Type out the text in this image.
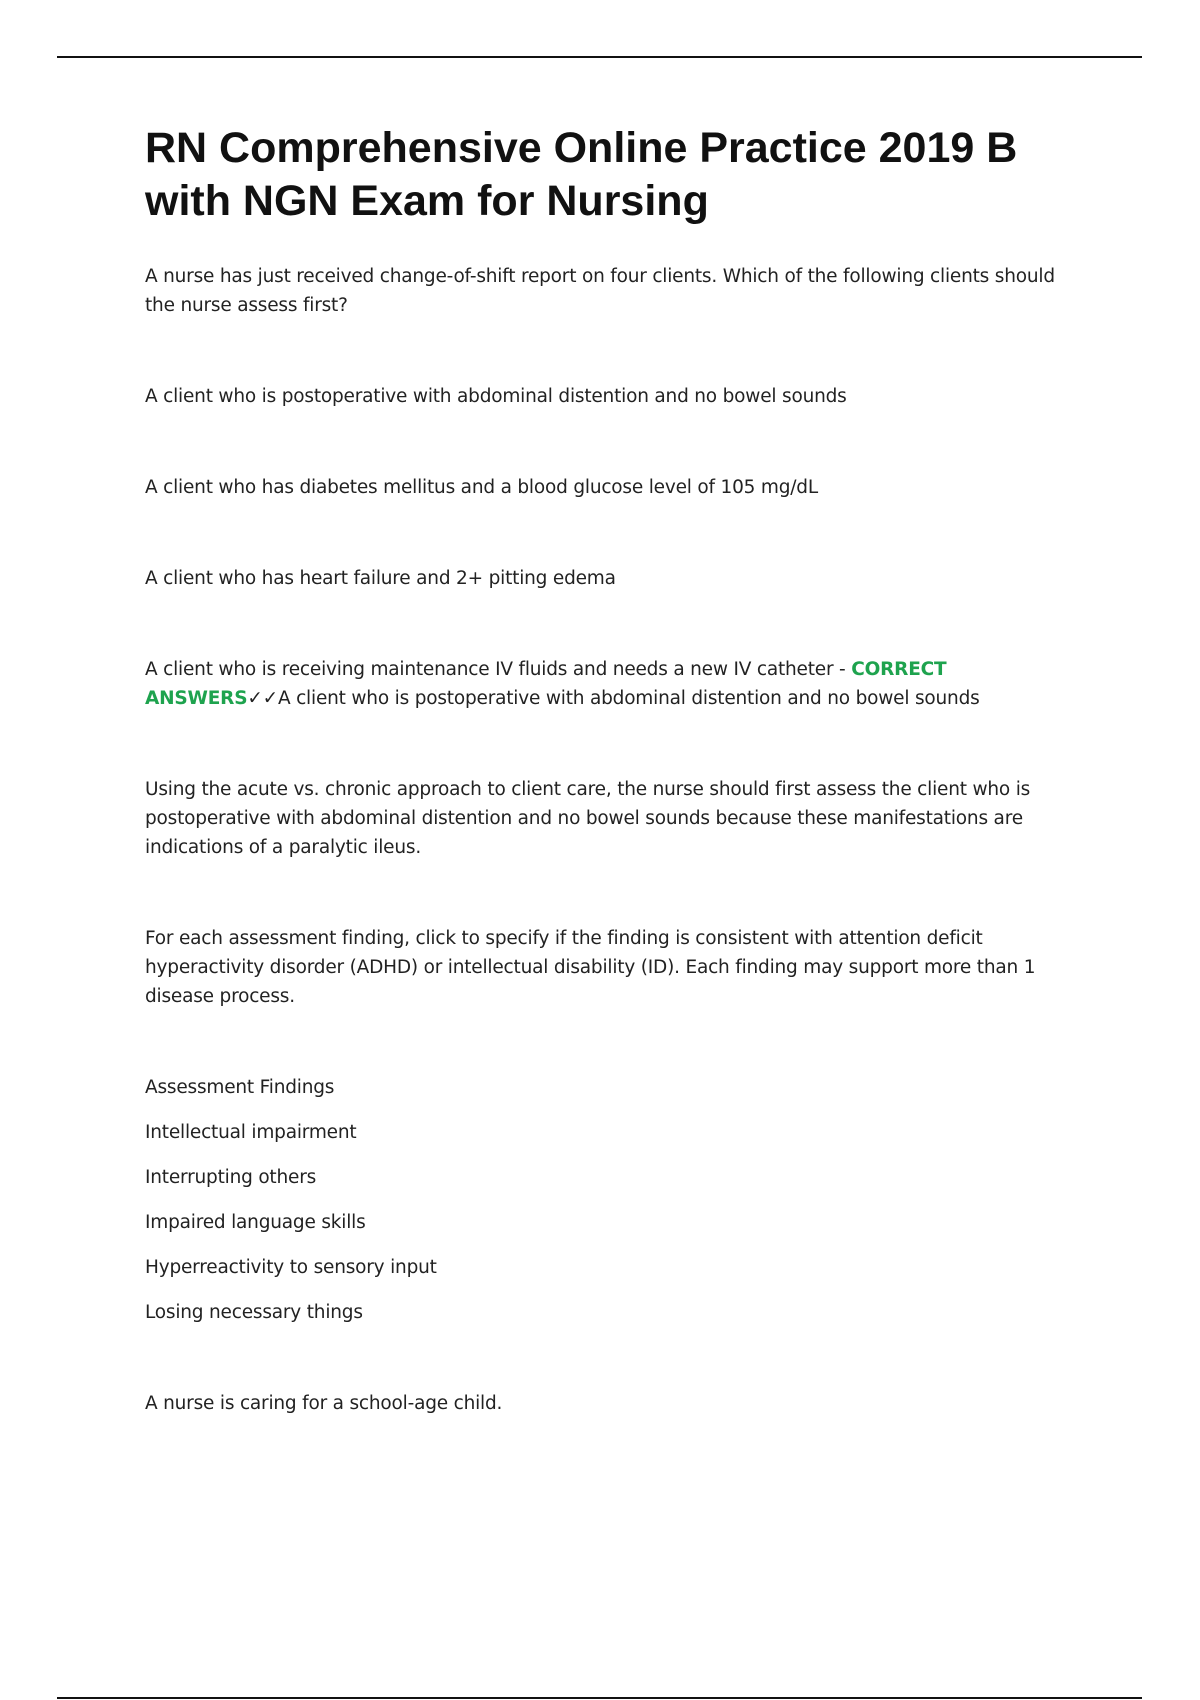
RN Comprehensive Online Practice 2019 B
with NGN Exam for Nursing

A nurse has just received change-of-shift report on four clients. Which of the following clients should the nurse assess first?

A client who is postoperative with abdominal distention and no bowel sounds

A client who has diabetes mellitus and a blood glucose level of 105 mg/dL

A client who has heart failure and 2+ pitting edema

A client who is receiving maintenance IV fluids and needs a new IV catheter - CORRECT ANSWERS✓✓A client who is postoperative with abdominal distention and no bowel sounds

Using the acute vs. chronic approach to client care, the nurse should first assess the client who is postoperative with abdominal distention and no bowel sounds because these manifestations are indications of a paralytic ileus.

For each assessment finding, click to specify if the finding is consistent with attention deficit hyperactivity disorder (ADHD) or intellectual disability (ID). Each finding may support more than 1 disease process.

Assessment Findings

Intellectual impairment

Interrupting others

Impaired language skills

Hyperreactivity to sensory input

Losing necessary things

A nurse is caring for a school-age child.
